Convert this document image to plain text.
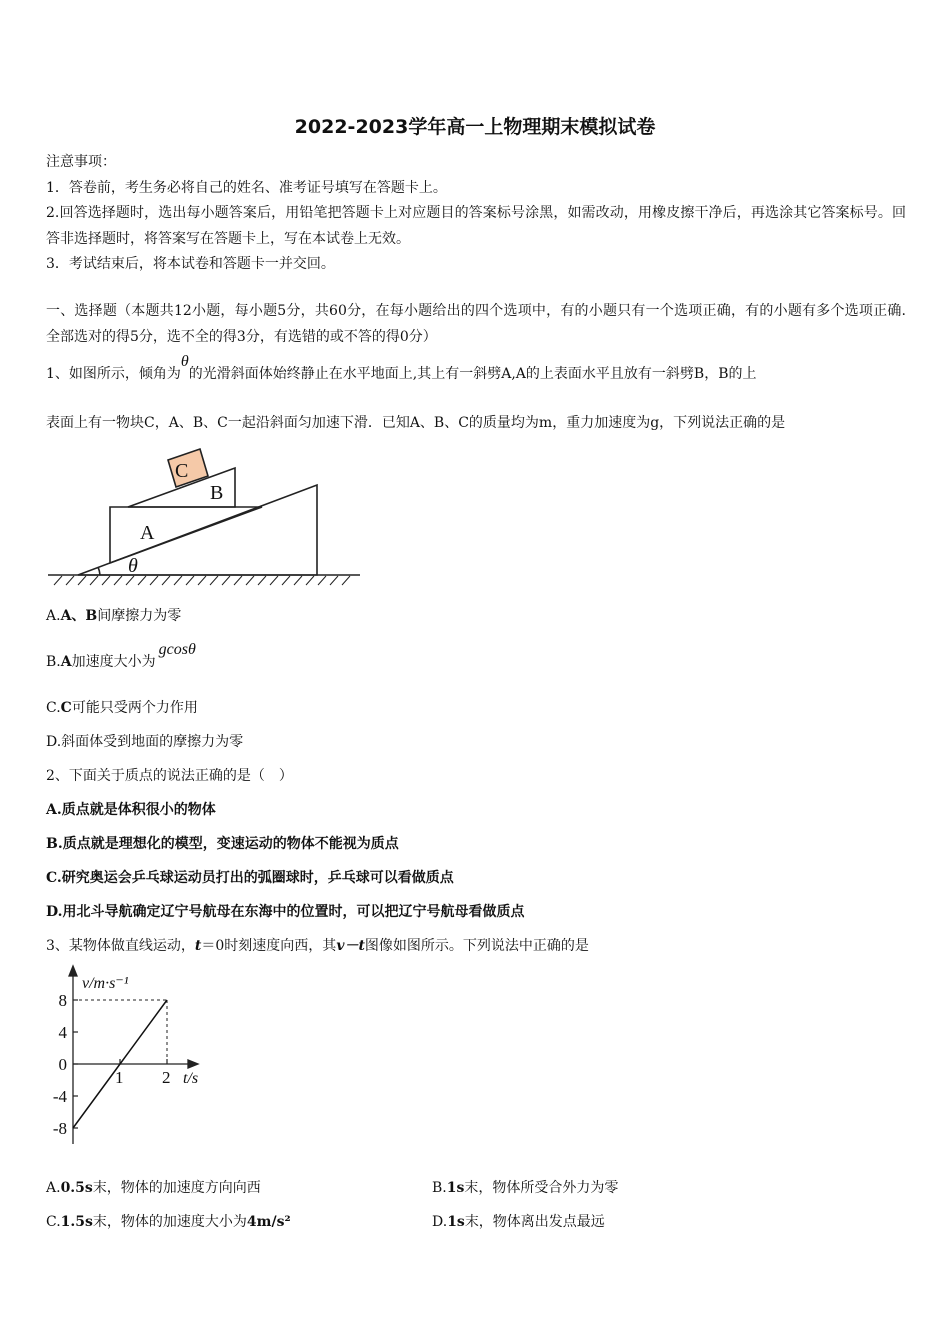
2022-2023学年高一上物理期末模拟试卷
注意事项：
1．答卷前，考生务必将自己的姓名、准考证号填写在答题卡上。
2.回答选择题时，选出每小题答案后，用铅笔把答题卡上对应题目的答案标号涂黑，如需改动，用橡皮擦干净后，再选涂其它答案标号。回答非选择题时，将答案写在答题卡上，写在本试卷上无效。
3．考试结束后，将本试卷和答题卡一并交回。
一、选择题（本题共12小题，每小题5分，共60分，在每小题给出的四个选项中，有的小题只有一个选项正确，有的小题有多个选项正确.全部选对的得5分，选不全的得3分，有选错的或不答的得0分）
1、如图所示，倾角为θ的光滑斜面体始终静止在水平地面上,其上有一斜劈A,A的上表面水平且放有一斜劈B，B的上
表面上有一物块C，A、B、C一起沿斜面匀加速下滑．已知A、B、C的质量均为m，重力加速度为g，下列说法正确的是
C
B
A
θ
A.A、B间摩擦力为零
B.A加速度大小为gcosθ
C.C可能只受两个力作用
D.斜面体受到地面的摩擦力为零
2、下面关于质点的说法正确的是（　）
A.质点就是体积很小的物体
B.质点就是理想化的模型，变速运动的物体不能视为质点
C.研究奥运会乒乓球运动员打出的弧圈球时，乒乓球可以看做质点
D.用北斗导航确定辽宁号航母在东海中的位置时，可以把辽宁号航母看做质点
3、某物体做直线运动，t＝0时刻速度向西，其v－t图像如图所示。下列说法中正确的是
8
4
0
-4
-8
1 2
v/m·s⁻¹
t/s
A.0.5s末，物体的加速度方向向西	B.1s末，物体所受合外力为零
C.1.5s末，物体的加速度大小为4m/s²	D.1s末，物体离出发点最远
